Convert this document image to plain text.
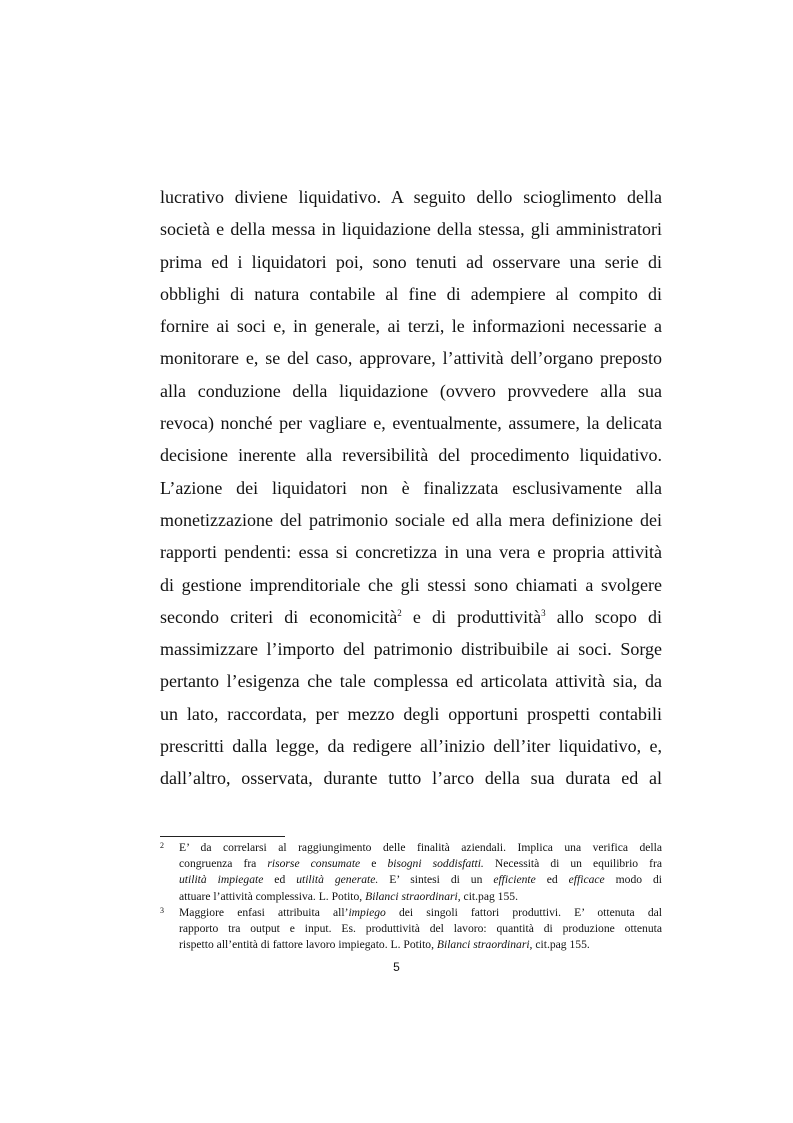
lucrativo diviene liquidativo. A seguito dello scioglimento della
società e della messa in liquidazione della stessa, gli amministratori
prima ed i liquidatori poi, sono tenuti ad osservare una serie di
obblighi di natura contabile al fine di adempiere al compito di
fornire ai soci e, in generale, ai terzi, le informazioni necessarie a
monitorare e, se del caso, approvare, l’attività dell’organo preposto
alla conduzione della liquidazione (ovvero provvedere alla sua
revoca) nonché per vagliare e, eventualmente, assumere, la delicata
decisione inerente alla reversibilità del procedimento liquidativo.
L’azione dei liquidatori non è finalizzata esclusivamente alla
monetizzazione del patrimonio sociale ed alla mera definizione dei
rapporti pendenti: essa si concretizza in una vera e propria attività
di gestione imprenditoriale che gli stessi sono chiamati a svolgere
secondo criteri di economicità$^2$ e di produttività$^3$ allo scopo di
massimizzare l’importo del patrimonio distribuibile ai soci. Sorge
pertanto l’esigenza che tale complessa ed articolata attività sia, da
un lato, raccordata, per mezzo degli opportuni prospetti contabili
prescritti dalla legge, da redigere all’inizio dell’iter liquidativo, e,
dall’altro, osservata, durante tutto l’arco della sua durata ed al
2 E’ da correlarsi al raggiungimento delle finalità aziendali. Implica una verifica della
congruenza fra risorse consumate e bisogni soddisfatti. Necessità di un equilibrio fra
utilità impiegate ed utilità generate. E’ sintesi di un efficiente ed efficace modo di
attuare l’attività complessiva. L. Potito, Bilanci straordinari, cit.pag 155.
3 Maggiore enfasi attribuita all’impiego dei singoli fattori produttivi. E’ ottenuta dal
rapporto tra output e input. Es. produttività del lavoro: quantità di produzione ottenuta
rispetto all’entità di fattore lavoro impiegato. L. Potito, Bilanci straordinari, cit.pag 155.
5
